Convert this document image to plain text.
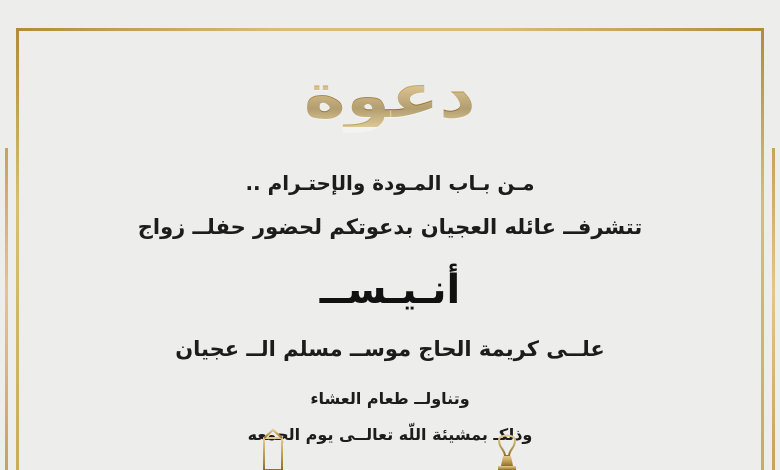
دعوة
مـن بـاب المـودة والإحتـرام ..
تتشرفــ عائله العجيان بدعوتكم لحضور حفلــ زواج
أنـيـســ
علــى كريمة الحاج موســ مسلم الــ عجيان
وتناولــ طعام العشاء
وذلكـ بمشيئة اللّه تعالــى يوم الجمعه
